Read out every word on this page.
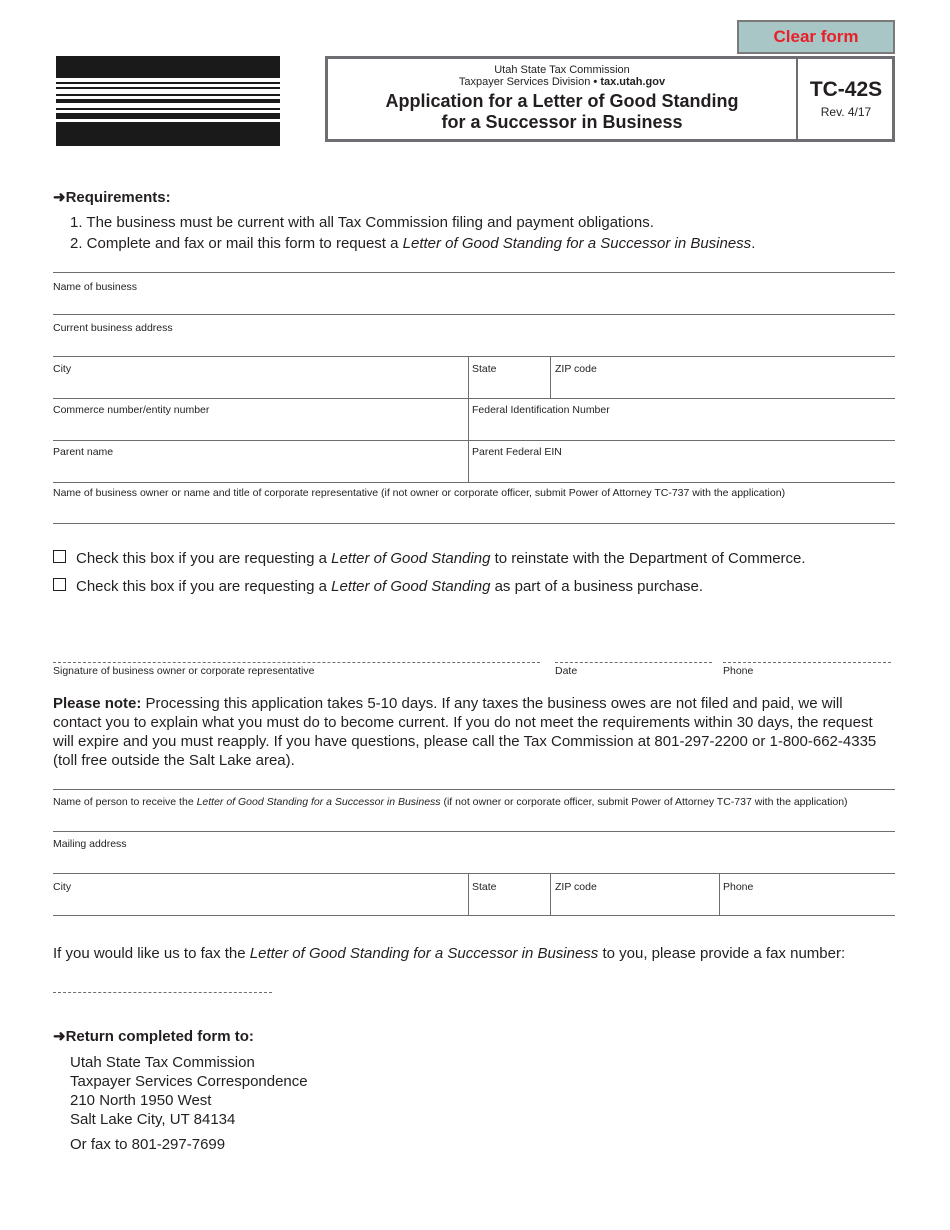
Clear form
Utah State Tax Commission
Taxpayer Services Division • tax.utah.gov
Application for a Letter of Good Standing
for a Successor in Business
TC-42S
Rev. 4/17
➜Requirements:
1. The business must be current with all Tax Commission filing and payment obligations.
2. Complete and fax or mail this form to request a Letter of Good Standing for a Successor in Business.
Name of business
Current business address
City	State	ZIP code
Commerce number/entity number	Federal Identification Number
Parent name	Parent Federal EIN
Name of business owner or name and title of corporate representative (if not owner or corporate officer, submit Power of Attorney TC-737 with the application)
Check this box if you are requesting a Letter of Good Standing to reinstate with the Department of Commerce.
Check this box if you are requesting a Letter of Good Standing as part of a business purchase.
Signature of business owner or corporate representative	Date	Phone
Please note: Processing this application takes 5-10 days. If any taxes the business owes are not filed and paid, we will contact you to explain what you must do to become current. If you do not meet the requirements within 30 days, the request will expire and you must reapply. If you have questions, please call the Tax Commission at 801-297-2200 or 1-800-662-4335 (toll free outside the Salt Lake area).
Name of person to receive the Letter of Good Standing for a Successor in Business (if not owner or corporate officer, submit Power of Attorney TC-737 with the application)
Mailing address
City	State	ZIP code	Phone
If you would like us to fax the Letter of Good Standing for a Successor in Business to you, please provide a fax number:
➜Return completed form to:
Utah State Tax Commission
Taxpayer Services Correspondence
210 North 1950 West
Salt Lake City, UT 84134
Or fax to 801-297-7699
